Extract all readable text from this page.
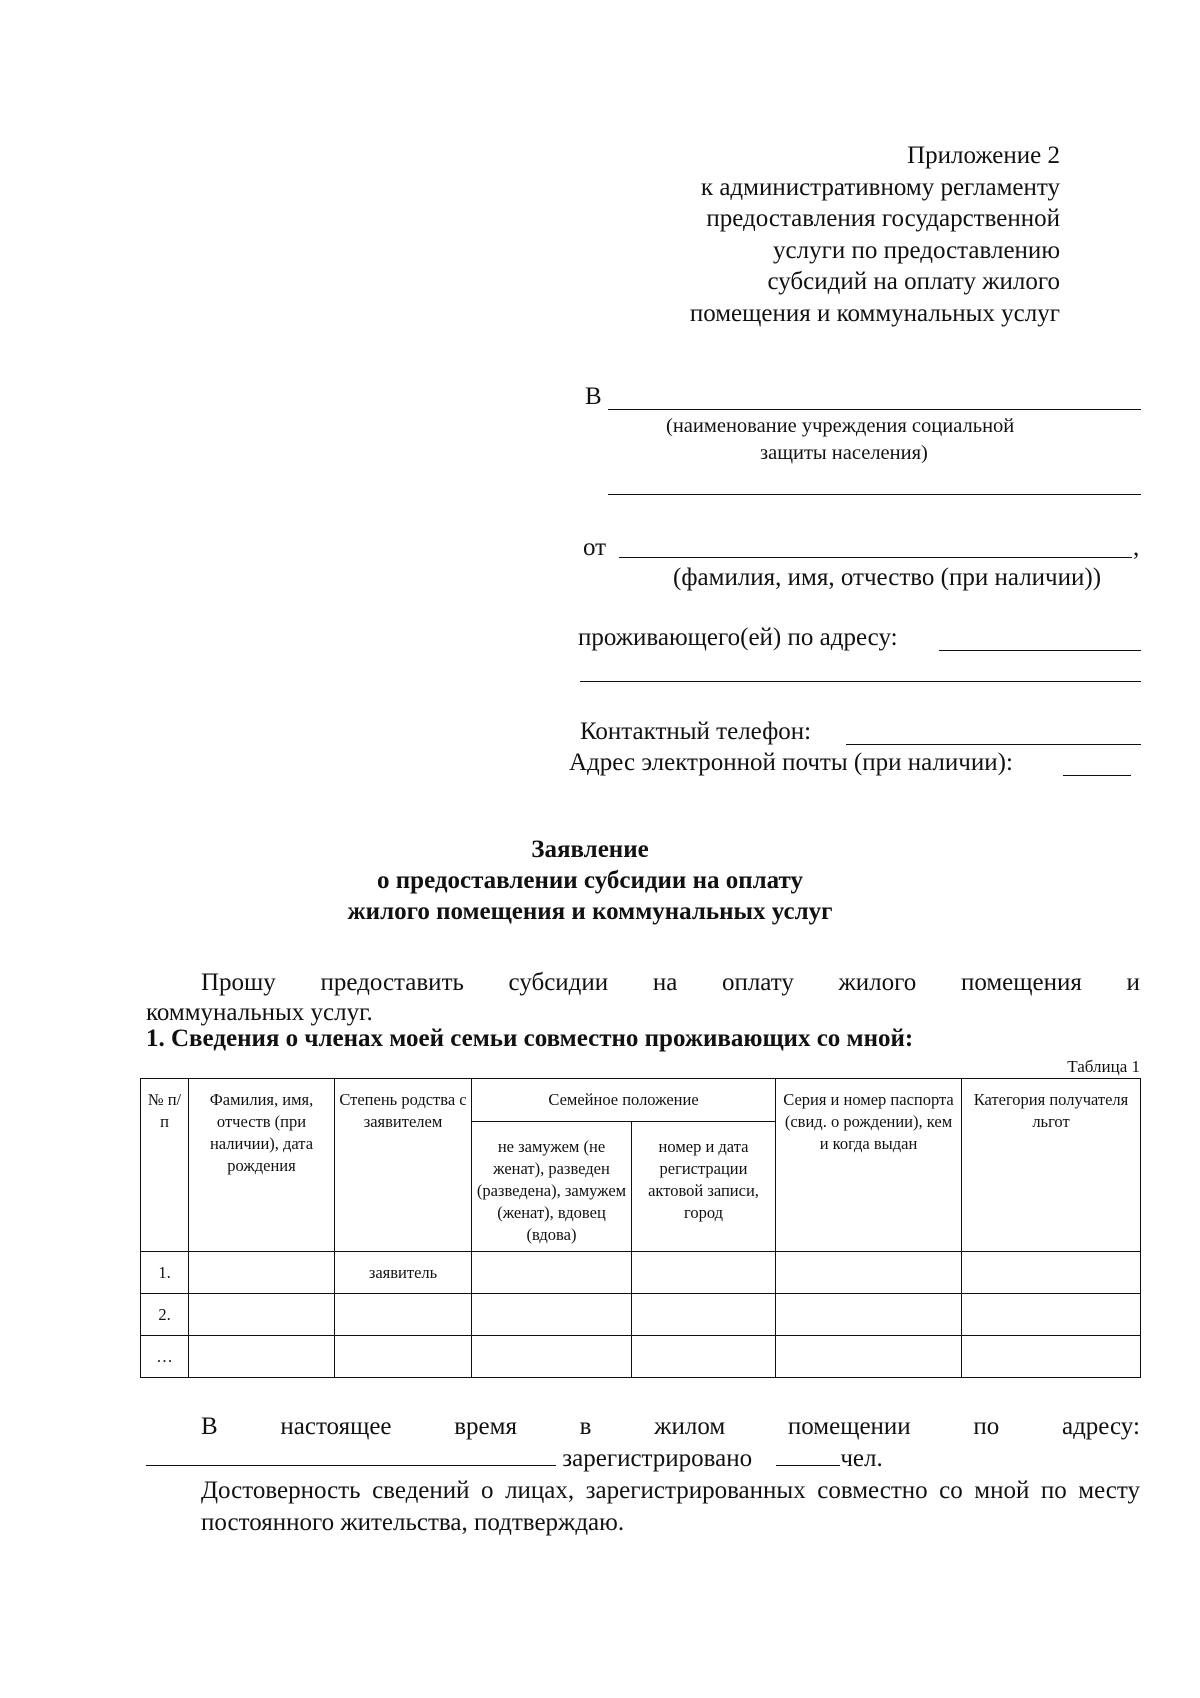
Приложение 2
к административному регламенту
предоставления государственной
услуги по предоставлению
субсидий на оплату жилого
помещения и коммунальных услуг
В
(наименование учреждения социальной
защиты населения)
от	,
(фамилия, имя, отчество (при наличии))
проживающего(ей) по адресу:
Контактный телефон:
Адрес электронной почты (при наличии):
Заявление
о предоставлении субсидии на оплату
жилого помещения и коммунальных услуг
Прошу предоставить субсидии на оплату жилого помещения и
коммунальных услуг.
1. Сведения о членах моей семьи совместно проживающих со мной:
Таблица 1
№ п/п	Фамилия, имя, отчеств (при наличии), дата рождения	Степень родства с заявителем	Семейное положение		Серия и номер паспорта (свид. о рождении), кем и когда выдан	Категория получателя льгот
			не замужем (не женат), разведен (разведена), замужем (женат), вдовец (вдова)	номер и дата регистрации актовой записи, город		
1.		заявитель				
2.						
…						
В	настоящее	время	в	жилом	помещении	по	адресу:
зарегистрировано	чел.
Достоверность сведений о лицах, зарегистрированных совместно со мной по месту постоянного жительства, подтверждаю.
